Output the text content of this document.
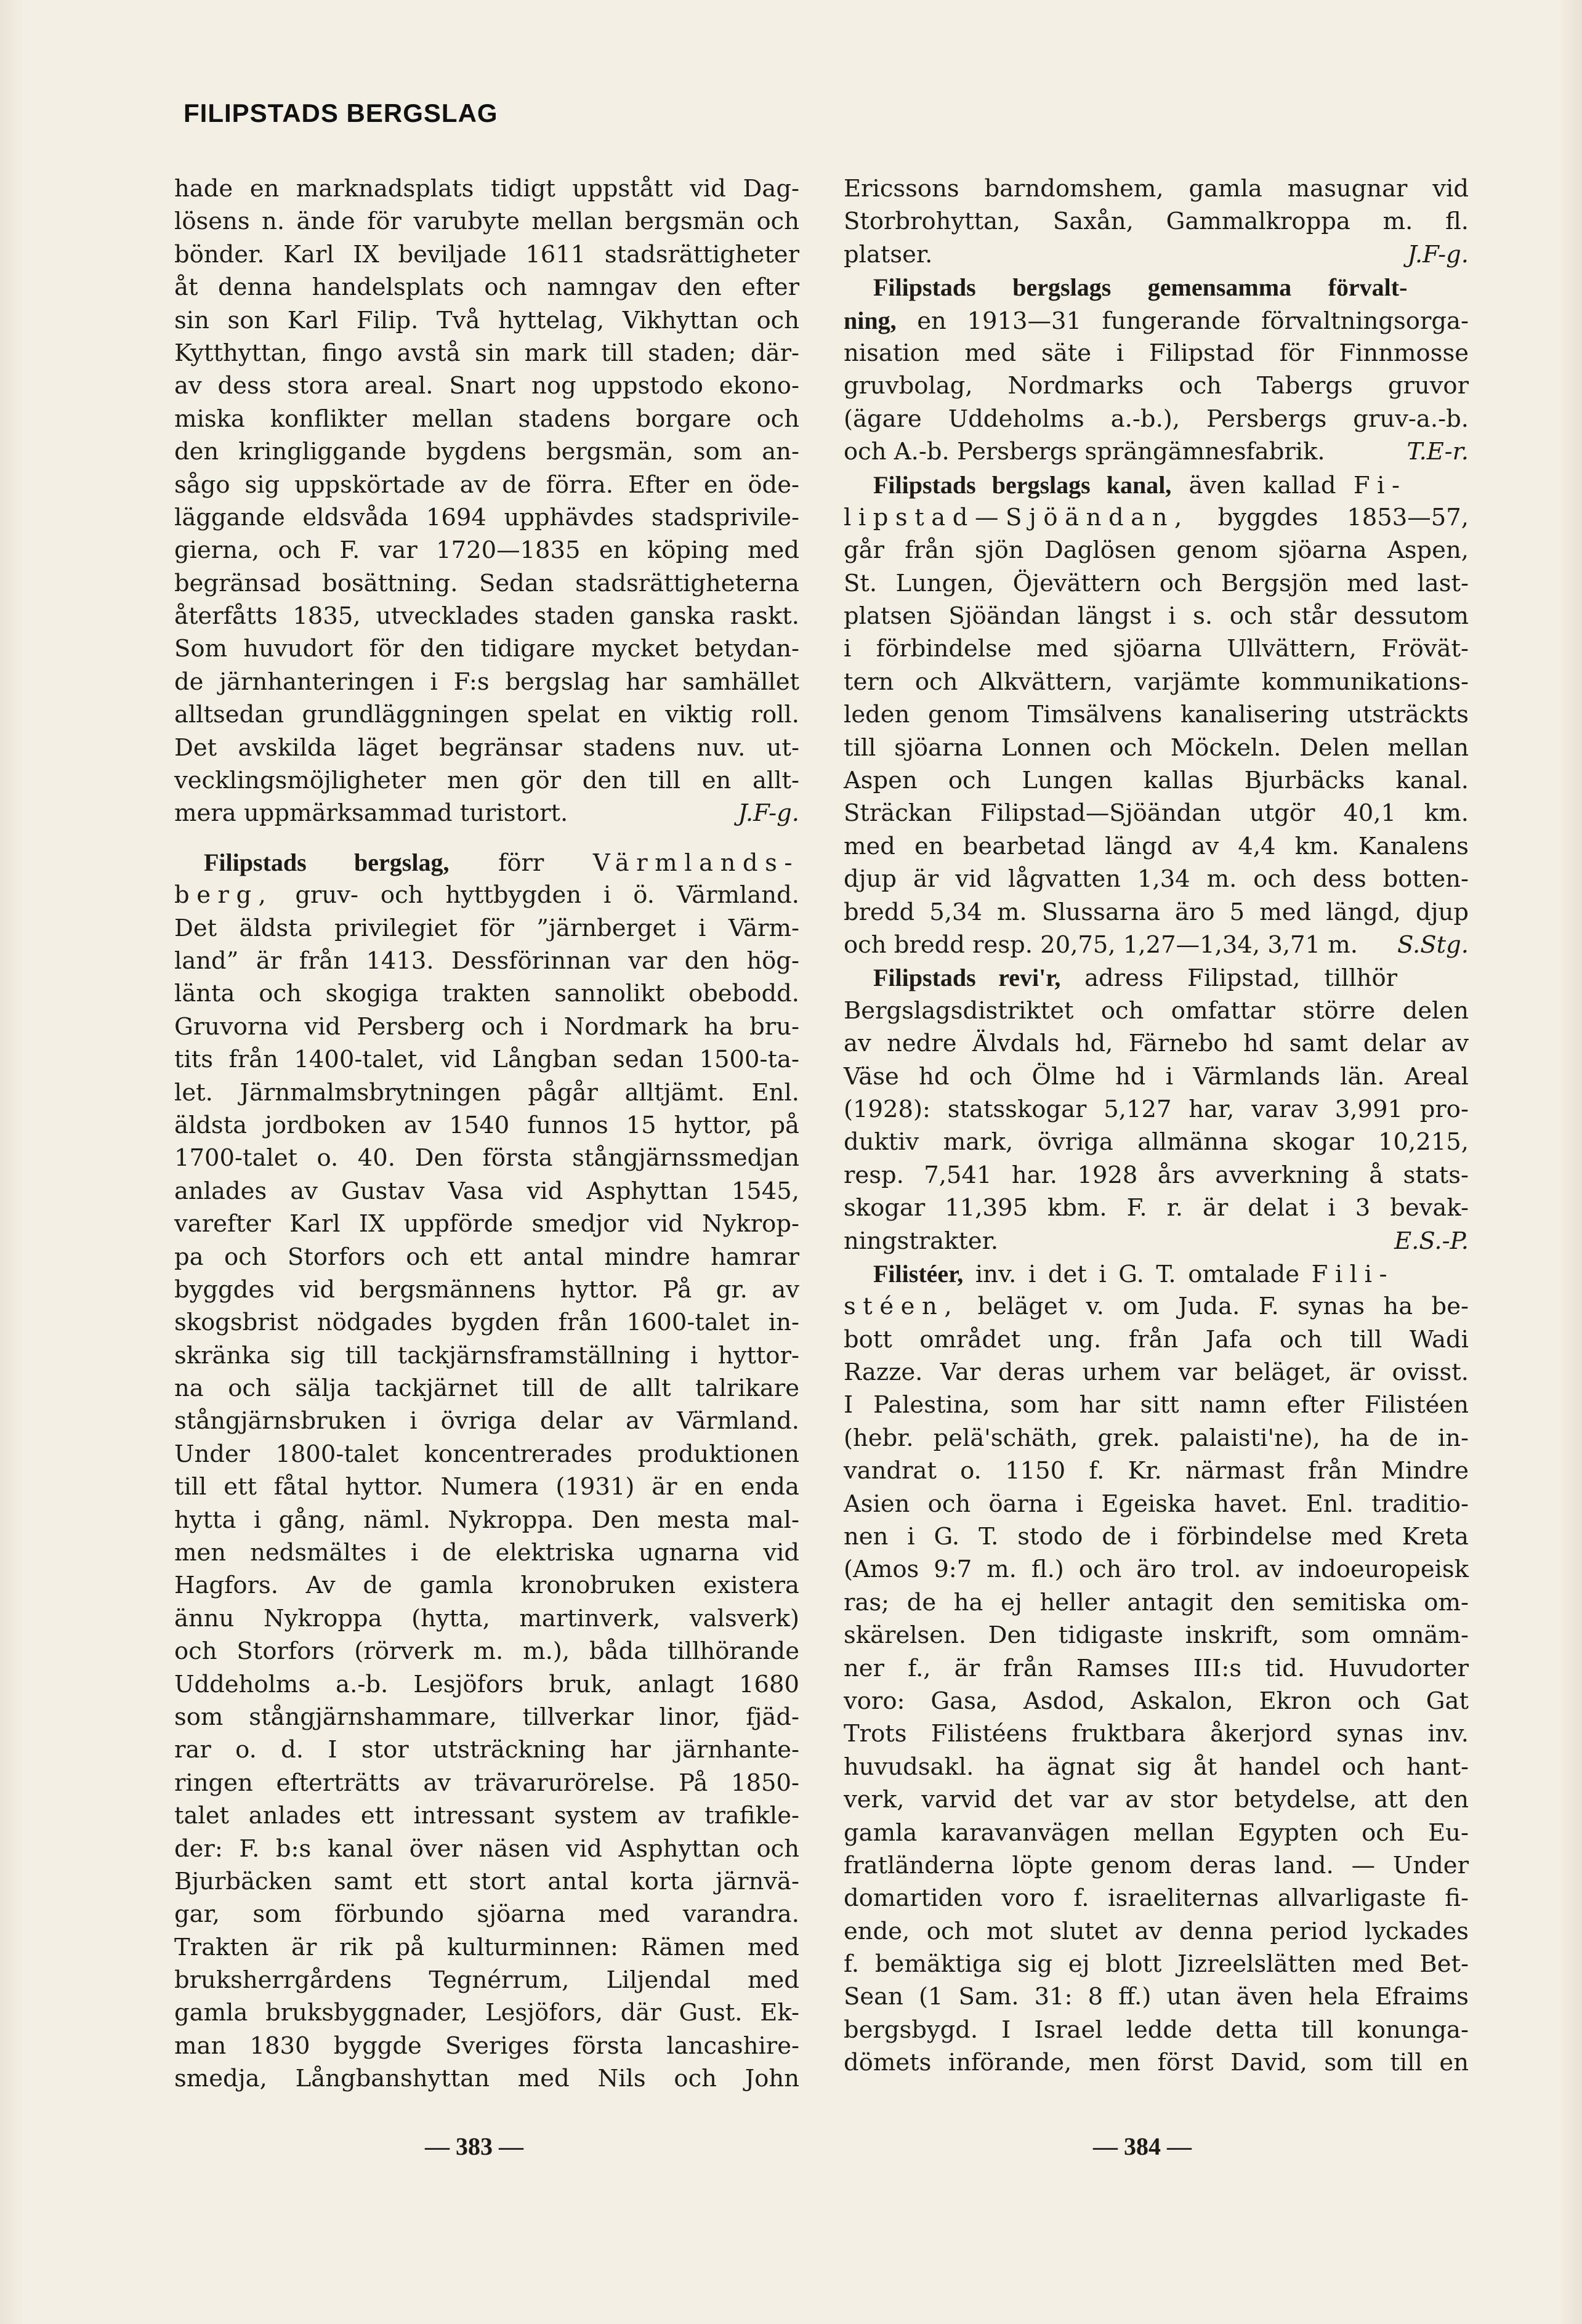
FILIPSTADS BERGSLAG
hade en marknadsplats tidigt uppstått vid Dag-
lösens n. ände för varubyte mellan bergsmän och
bönder. Karl IX beviljade 1611 stadsrättigheter
åt denna handelsplats och namngav den efter
sin son Karl Filip. Två hyttelag, Vikhyttan och
Kytthyttan, fingo avstå sin mark till staden; där-
av dess stora areal. Snart nog uppstodo ekono-
miska konflikter mellan stadens borgare och
den kringliggande bygdens bergsmän, som an-
sågo sig uppskörtade av de förra. Efter en öde-
läggande eldsvåda 1694 upphävdes stadsprivile-
gierna, och F. var 1720—1835 en köping med
begränsad bosättning. Sedan stadsrättigheterna
återfåtts 1835, utvecklades staden ganska raskt.
Som huvudort för den tidigare mycket betydan-
de järnhanteringen i F:s bergslag har samhället
alltsedan grundläggningen spelat en viktig roll.
Det avskilda läget begränsar stadens nuv. ut-
vecklingsmöjligheter men gör den till en allt-
mera uppmärksammad turistort.	J.F-g.
Filipstads bergslag, förr Värmlands-
berg, gruv- och hyttbygden i ö. Värmland.
Det äldsta privilegiet för ”järnberget i Värm-
land” är från 1413. Dessförinnan var den hög-
länta och skogiga trakten sannolikt obebodd.
Gruvorna vid Persberg och i Nordmark ha bru-
tits från 1400-talet, vid Långban sedan 1500-ta-
let. Järnmalmsbrytningen pågår alltjämt. Enl.
äldsta jordboken av 1540 funnos 15 hyttor, på
1700-talet o. 40. Den första stångjärnssmedjan
anlades av Gustav Vasa vid Asphyttan 1545,
varefter Karl IX uppförde smedjor vid Nykrop-
pa och Storfors och ett antal mindre hamrar
byggdes vid bergsmännens hyttor. På gr. av
skogsbrist nödgades bygden från 1600-talet in-
skränka sig till tackjärnsframställning i hyttor-
na och sälja tackjärnet till de allt talrikare
stångjärnsbruken i övriga delar av Värmland.
Under 1800-talet koncentrerades produktionen
till ett fåtal hyttor. Numera (1931) är en enda
hytta i gång, näml. Nykroppa. Den mesta mal-
men nedsmältes i de elektriska ugnarna vid
Hagfors. Av de gamla kronobruken existera
ännu Nykroppa (hytta, martinverk, valsverk)
och Storfors (rörverk m. m.), båda tillhörande
Uddeholms a.-b. Lesjöfors bruk, anlagt 1680
som stångjärnshammare, tillverkar linor, fjäd-
rar o. d. I stor utsträckning har järnhante-
ringen efterträtts av trävarurörelse. På 1850-
talet anlades ett intressant system av trafikle-
der: F. b:s kanal över näsen vid Asphyttan och
Bjurbäcken samt ett stort antal korta järnvä-
gar, som förbundo sjöarna med varandra.
Trakten är rik på kulturminnen: Rämen med
bruksherrgårdens Tegnérrum, Liljendal med
gamla bruksbyggnader, Lesjöfors, där Gust. Ek-
man 1830 byggde Sveriges första lancashire-
smedja, Långbanshyttan med Nils och John
Ericssons barndomshem, gamla masugnar vid
Storbrohyttan, Saxån, Gammalkroppa m. fl.
platser.	J.F-g.
Filipstads bergslags gemensamma förvalt-
ning, en 1913—31 fungerande förvaltningsorga-
nisation med säte i Filipstad för Finnmosse
gruvbolag, Nordmarks och Tabergs gruvor
(ägare Uddeholms a.-b.), Persbergs gruv-a.-b.
och A.-b. Persbergs sprängämnesfabrik.	T.E-r.
Filipstads bergslags kanal, även kallad Fi-
lipstad—Sjöändan, byggdes 1853—57,
går från sjön Daglösen genom sjöarna Aspen,
St. Lungen, Öjevättern och Bergsjön med last-
platsen Sjöändan längst i s. och står dessutom
i förbindelse med sjöarna Ullvättern, Frövät-
tern och Alkvättern, varjämte kommunikations-
leden genom Timsälvens kanalisering utsträckts
till sjöarna Lonnen och Möckeln. Delen mellan
Aspen och Lungen kallas Bjurbäcks kanal.
Sträckan Filipstad—Sjöändan utgör 40,1 km.
med en bearbetad längd av 4,4 km. Kanalens
djup är vid lågvatten 1,34 m. och dess botten-
bredd 5,34 m. Slussarna äro 5 med längd, djup
och bredd resp. 20,75, 1,27—1,34, 3,71 m. S.Stg.
Filipstads revi'r, adress Filipstad, tillhör
Bergslagsdistriktet och omfattar större delen
av nedre Älvdals hd, Färnebo hd samt delar av
Väse hd och Ölme hd i Värmlands län. Areal
(1928): statsskogar 5,127 har, varav 3,991 pro-
duktiv mark, övriga allmänna skogar 10,215,
resp. 7,541 har. 1928 års avverkning å stats-
skogar 11,395 kbm. F. r. är delat i 3 bevak-
ningstrakter.	E.S.-P.
Filistéer, inv. i det i G. T. omtalade Fili-
stéen, beläget v. om Juda. F. synas ha be-
bott området ung. från Jafa och till Wadi
Razze. Var deras urhem var beläget, är ovisst.
I Palestina, som har sitt namn efter Filistéen
(hebr. pelä'schäth, grek. palaisti'ne), ha de in-
vandrat o. 1150 f. Kr. närmast från Mindre
Asien och öarna i Egeiska havet. Enl. traditio-
nen i G. T. stodo de i förbindelse med Kreta
(Amos 9:7 m. fl.) och äro trol. av indoeuropeisk
ras; de ha ej heller antagit den semitiska om-
skärelsen. Den tidigaste inskrift, som omnäm-
ner f., är från Ramses III:s tid. Huvudorter
voro: Gasa, Asdod, Askalon, Ekron och Gat
Trots Filistéens fruktbara åkerjord synas inv.
huvudsakl. ha ägnat sig åt handel och hant-
verk, varvid det var av stor betydelse, att den
gamla karavanvägen mellan Egypten och Eu-
fratländerna löpte genom deras land. — Under
domartiden voro f. israeliternas allvarligaste fi-
ende, och mot slutet av denna period lyckades
f. bemäktiga sig ej blott Jizreelslätten med Bet-
Sean (1 Sam. 31: 8 ff.) utan även hela Efraims
bergsbygd. I Israel ledde detta till konunga-
dömets införande, men först David, som till en
— 383 —	— 384 —
